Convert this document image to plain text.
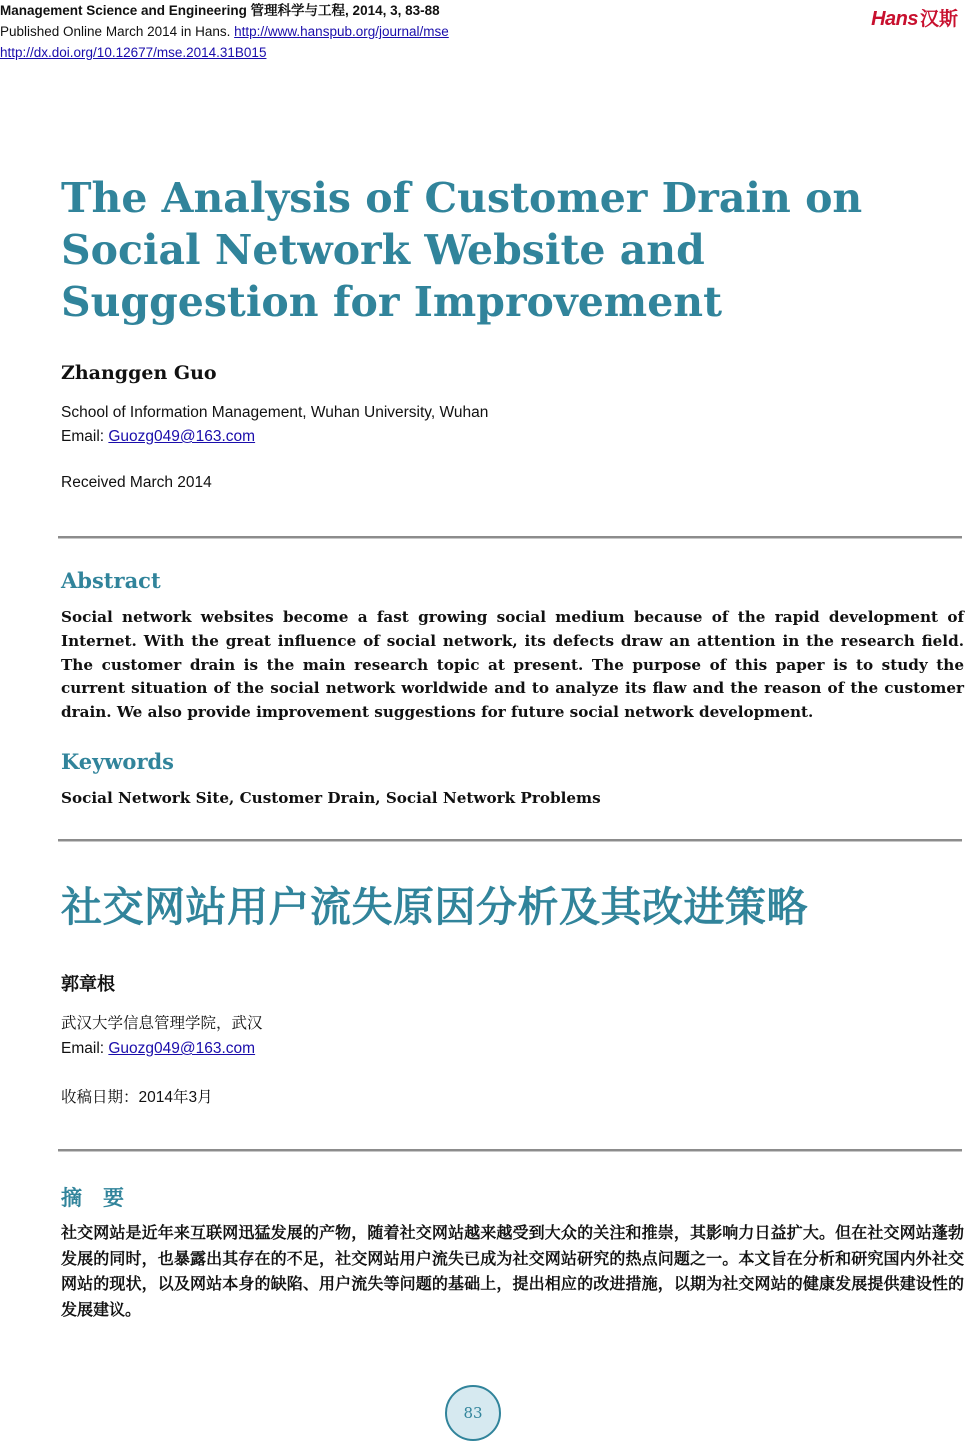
Management Science and Engineering 管理科学与工程, 2014, 3, 83-88
Published Online March 2014 in Hans. http://www.hanspub.org/journal/mse
http://dx.doi.org/10.12677/mse.2014.31B015
Hans 汉斯
The Analysis of Customer Drain on Social Network Website and Suggestion for Improvement
Zhanggen Guo
School of Information Management, Wuhan University, Wuhan
Email: Guozg049@163.com
Received March 2014
Abstract
Social network websites become a fast growing social medium because of the rapid development of Internet. With the great influence of social network, its defects draw an attention in the research field. The customer drain is the main research topic at present. The purpose of this paper is to study the current situation of the social network worldwide and to analyze its flaw and the reason of the customer drain. We also provide improvement suggestions for future social network development.
Keywords
Social Network Site, Customer Drain, Social Network Problems
社交网站用户流失原因分析及其改进策略
郭章根
武汉大学信息管理学院，武汉
Email: Guozg049@163.com
收稿日期：2014年3月
摘　要
社交网站是近年来互联网迅猛发展的产物，随着社交网站越来越受到大众的关注和推崇，其影响力日益扩大。但在社交网站蓬勃发展的同时，也暴露出其存在的不足，社交网站用户流失已成为社交网站研究的热点问题之一。本文旨在分析和研究国内外社交网站的现状，以及网站本身的缺陷、用户流失等问题的基础上，提出相应的改进措施，以期为社交网站的健康发展提供建设性的发展建议。
83
